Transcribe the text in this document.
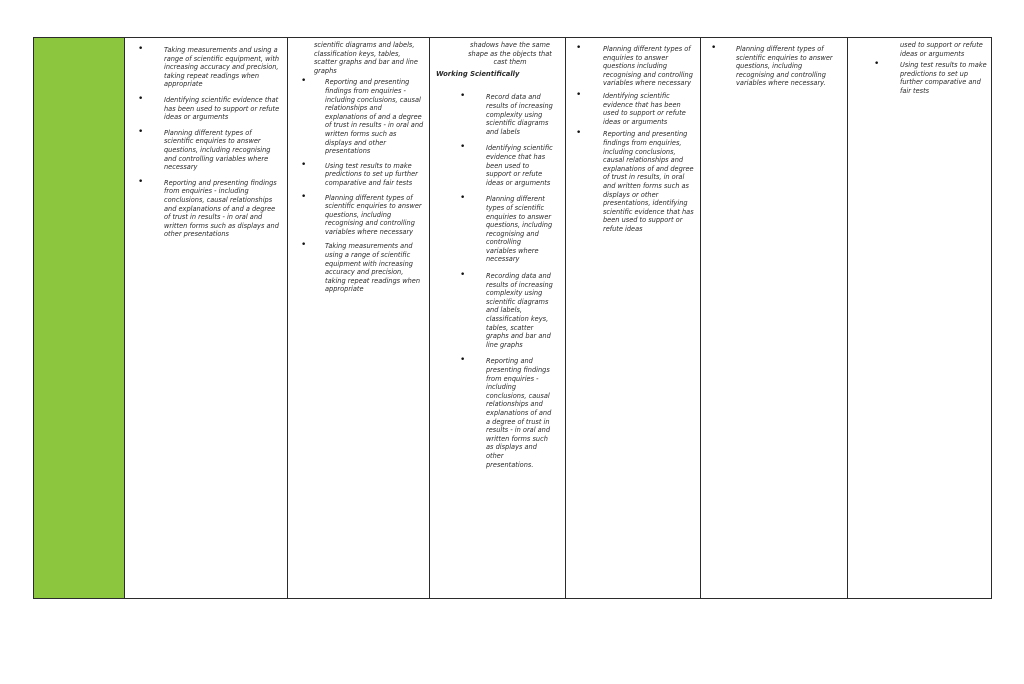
• Taking measurements and using a range of scientific equipment, with increasing accuracy and precision, taking repeat readings when appropriate
• Identifying scientific evidence that has been used to support or refute ideas or arguments
• Planning different types of scientific enquiries to answer questions, including recognising and controlling variables where necessary
• Reporting and presenting findings from enquiries - including conclusions, causal relationships and explanations of and a degree of trust in results - in oral and written forms such as displays and other presentations

scientific diagrams and labels, classification keys, tables, scatter graphs and bar and line graphs
• Reporting and presenting findings from enquiries - including conclusions, causal relationships and explanations of and a degree of trust in results - in oral and written forms such as displays and other presentations
• Using test results to make predictions to set up further comparative and fair tests
• Planning different types of scientific enquiries to answer questions, including recognising and controlling variables where necessary
• Taking measurements and using a range of scientific equipment with increasing accuracy and precision, taking repeat readings when appropriate

shadows have the same shape as the objects that cast them
Working Scientifically
• Record data and results of increasing complexity using scientific diagrams and labels
• Identifying scientific evidence that has been used to support or refute ideas or arguments
• Planning different types of scientific enquiries to answer questions, including recognising and controlling variables where necessary
• Recording data and results of increasing complexity using scientific diagrams and labels, classification keys, tables, scatter graphs and bar and line graphs
• Reporting and presenting findings from enquiries - including conclusions, causal relationships and explanations of and a degree of trust in results - in oral and written forms such as displays and other presentations.

• Planning different types of enquiries to answer questions including recognising and controlling variables where necessary
• Identifying scientific evidence that has been used to support or refute ideas or arguments
• Reporting and presenting findings from enquiries, including conclusions, causal relationships and explanations of and degree of trust in results, in oral and written forms such as displays or other presentations, identifying scientific evidence that has been used to support or refute ideas

• Planning different types of scientific enquiries to answer questions, including recognising and controlling variables where necessary.

used to support or refute ideas or arguments
• Using test results to make predictions to set up further comparative and fair tests
